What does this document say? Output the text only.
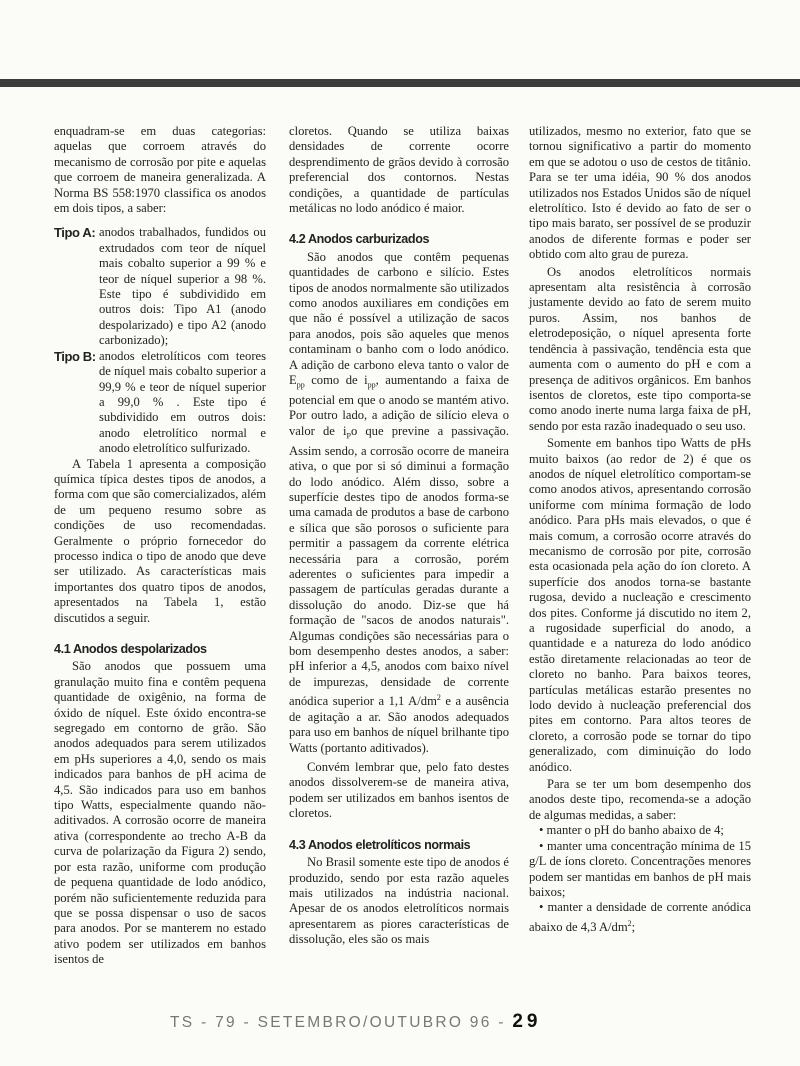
enquadram-se em duas categorias: aquelas que corroem através do mecanismo de corrosão por pite e aquelas que corroem de maneira generalizada. A Norma BS 558:1970 classifica os anodos em dois tipos, a saber:

Tipo A: anodos trabalhados, fundidos ou extrudados com teor de níquel mais cobalto superior a 99 % e teor de níquel superior a 98 %. Este tipo é subdividido em outros dois: Tipo A1 (anodo despolarizado) e tipo A2 (anodo carbonizado);
Tipo B: anodos eletrolíticos com teores de níquel mais cobalto superior a 99,9 % e teor de níquel superior a 99,0 % . Este tipo é subdividido em outros dois: anodo eletrolítico normal e anodo eletrolítico sulfurizado.

A Tabela 1 apresenta a composição química típica destes tipos de anodos, a forma com que são comercializados, além de um pequeno resumo sobre as condições de uso recomendadas. Geralmente o próprio fornecedor do processo indica o tipo de anodo que deve ser utilizado. As características mais importantes dos quatro tipos de anodos, apresentados na Tabela 1, estão discutidos a seguir.

4.1 Anodos despolarizados

São anodos que possuem uma granulação muito fina e contêm pequena quantidade de oxigênio, na forma de óxido de níquel. Este óxido encontra-se segregado em contorno de grão. São anodos adequados para serem utilizados em pHs superiores a 4,0, sendo os mais indicados para banhos de pH acima de 4,5. São indicados para uso em banhos tipo Watts, especialmente quando não-aditivados. A corrosão ocorre de maneira ativa (correspondente ao trecho A-B da curva de polarização da Figura 2) sendo, por esta razão, uniforme com produção de pequena quantidade de lodo anódico, porém não suficientemente reduzida para que se possa dispensar o uso de sacos para anodos. Por se manterem no estado ativo podem ser utilizados em banhos isentos de

cloretos. Quando se utiliza baixas densidades de corrente ocorre desprendimento de grãos devido à corrosão preferencial dos contornos. Nestas condições, a quantidade de partículas metálicas no lodo anódico é maior.

4.2 Anodos carburizados

São anodos que contêm pequenas quantidades de carbono e silício. Estes tipos de anodos normalmente são utilizados como anodos auxiliares em condições em que não é possível a utilização de sacos para anodos, pois são aqueles que menos contaminam o banho com o lodo anódico. A adição de carbono eleva tanto o valor de $E_{pp}$ como de $i_{pp}$, aumentando a faixa de potencial em que o anodo se mantém ativo. Por outro lado, a adição de silício eleva o valor de $i_Po$ que previne a passivação. Assim sendo, a corrosão ocorre de maneira ativa, o que por si só diminui a formação do lodo anódico. Além disso, sobre a superfície destes tipo de anodos forma-se uma camada de produtos a base de carbono e sílica que são porosos o suficiente para permitir a passagem da corrente elétrica necessária para a corrosão, porém aderentes o suficientes para impedir a passagem de partículas geradas durante a dissolução do anodo. Diz-se que há formação de "sacos de anodos naturais". Algumas condições são necessárias para o bom desempenho destes anodos, a saber: pH inferior a 4,5, anodos com baixo nível de impurezas, densidade de corrente anódica superior a 1,1 $A/dm^2$ e a ausência de agitação a ar. São anodos adequados para uso em banhos de níquel brilhante tipo Watts (portanto aditivados).

Convém lembrar que, pelo fato destes anodos dissolverem-se de maneira ativa, podem ser utilizados em banhos isentos de cloretos.

4.3 Anodos eletrolíticos normais

No Brasil somente este tipo de anodos é produzido, sendo por esta razão aqueles mais utilizados na indústria nacional. Apesar de os anodos eletrolíticos normais apresentarem as piores características de dissolução, eles são os mais

utilizados, mesmo no exterior, fato que se tornou significativo a partir do momento em que se adotou o uso de cestos de titânio. Para se ter uma idéia, 90 % dos anodos utilizados nos Estados Unidos são de níquel eletrolítico. Isto é devido ao fato de ser o tipo mais barato, ser possível de se produzir anodos de diferente formas e poder ser obtido com alto grau de pureza.

Os anodos eletrolíticos normais apresentam alta resistência à corrosão justamente devido ao fato de serem muito puros. Assim, nos banhos de eletrodeposição, o níquel apresenta forte tendência à passivação, tendência esta que aumenta com o aumento do pH e com a presença de aditivos orgânicos. Em banhos isentos de cloretos, este tipo comporta-se como anodo inerte numa larga faixa de pH, sendo por esta razão inadequado o seu uso.

Somente em banhos tipo Watts de pHs muito baixos (ao redor de 2) é que os anodos de níquel eletrolítico comportam-se como anodos ativos, apresentando corrosão uniforme com mínima formação de lodo anódico. Para pHs mais elevados, o que é mais comum, a corrosão ocorre através do mecanismo de corrosão por pite, corrosão esta ocasionada pela ação do íon cloreto. A superfície dos anodos torna-se bastante rugosa, devido a nucleação e crescimento dos pites. Conforme já discutido no item 2, a rugosidade superficial do anodo, a quantidade e a natureza do lodo anódico estão diretamente relacionadas ao teor de cloreto no banho. Para baixos teores, partículas metálicas estarão presentes no lodo devido à nucleação preferencial dos pites em contorno. Para altos teores de cloreto, a corrosão pode se tornar do tipo generalizado, com diminuição do lodo anódico.

Para se ter um bom desempenho dos anodos deste tipo, recomenda-se a adoção de algumas medidas, a saber:

• manter o pH do banho abaixo de 4;

• manter uma concentração mínima de 15 g/L de íons cloreto. Concentrações menores podem ser mantidas em banhos de pH mais baixos;

• manter a densidade de corrente anódica abaixo de 4,3 $A/dm^2$;

TS - 79 - SETEMBRO/OUTUBRO 96 - 29
